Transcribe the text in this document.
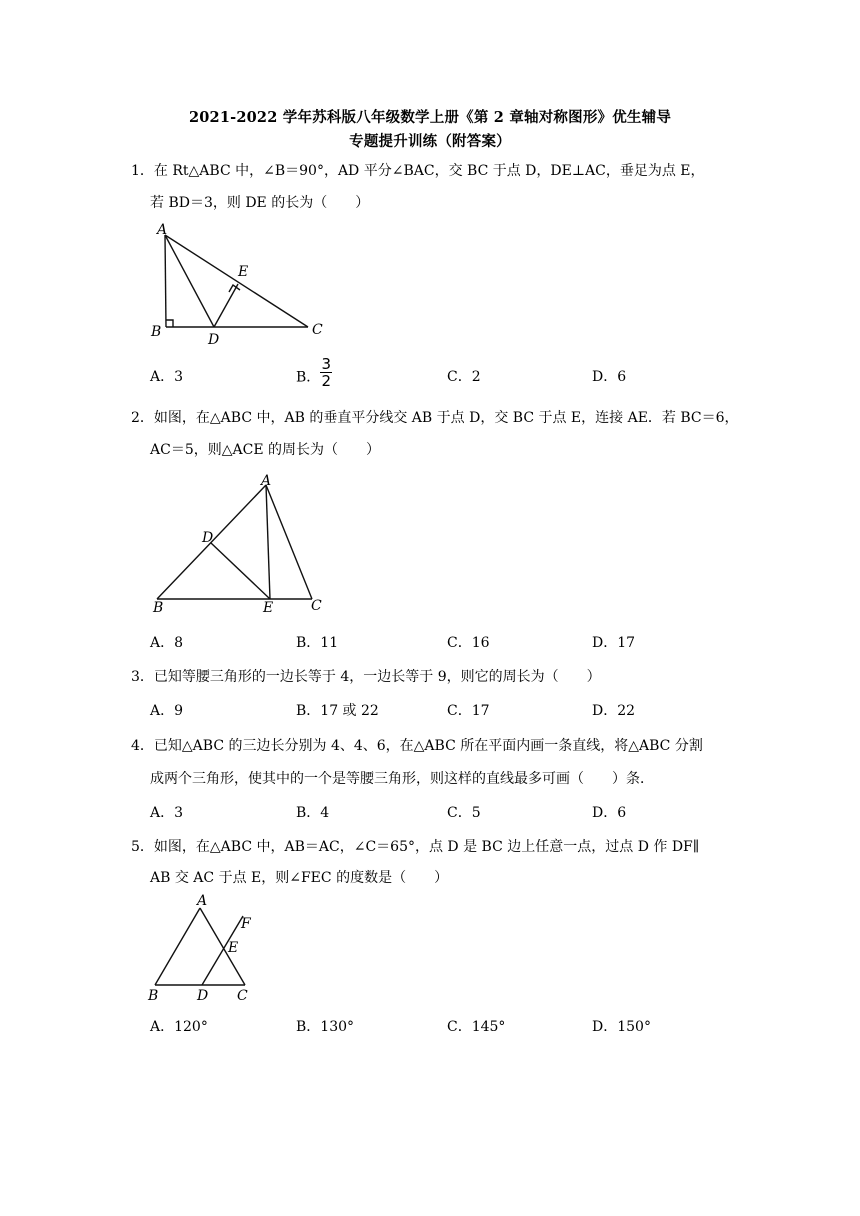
2021-2022 学年苏科版八年级数学上册《第 2 章轴对称图形》优生辅导
专题提升训练（附答案）
1．在 Rt△ABC 中，∠B＝90°，AD 平分∠BAC，交 BC 于点 D，DE⊥AC，垂足为点 E，
若 BD＝3，则 DE 的长为（　　）
A
E
B	D
C
A．3	B． $\frac{3}{2}$	C．2	D．6
2．如图，在△ABC 中，AB 的垂直平分线交 AB 于点 D，交 BC 于点 E，连接 AE．若 BC＝6，
AC＝5，则△ACE 的周长为（　　）
A
D
B	E	C
A．8	B．11	C．16	D．17
3．已知等腰三角形的一边长等于 4，一边长等于 9，则它的周长为（　　）
A．9	B．17 或 22	C．17	D．22
4．已知△ABC 的三边长分别为 4、4、6，在△ABC 所在平面内画一条直线，将△ABC 分割
成两个三角形，使其中的一个是等腰三角形，则这样的直线最多可画（　　）条．
A．3	B．4	C．5	D．6
5．如图，在△ABC 中，AB＝AC，∠C＝65°，点 D 是 BC 边上任意一点，过点 D 作 DF∥
AB 交 AC 于点 E，则∠FEC 的度数是（　　）
A
F
E
B	D C
A．120°	B．130°	C．145°	D．150°
